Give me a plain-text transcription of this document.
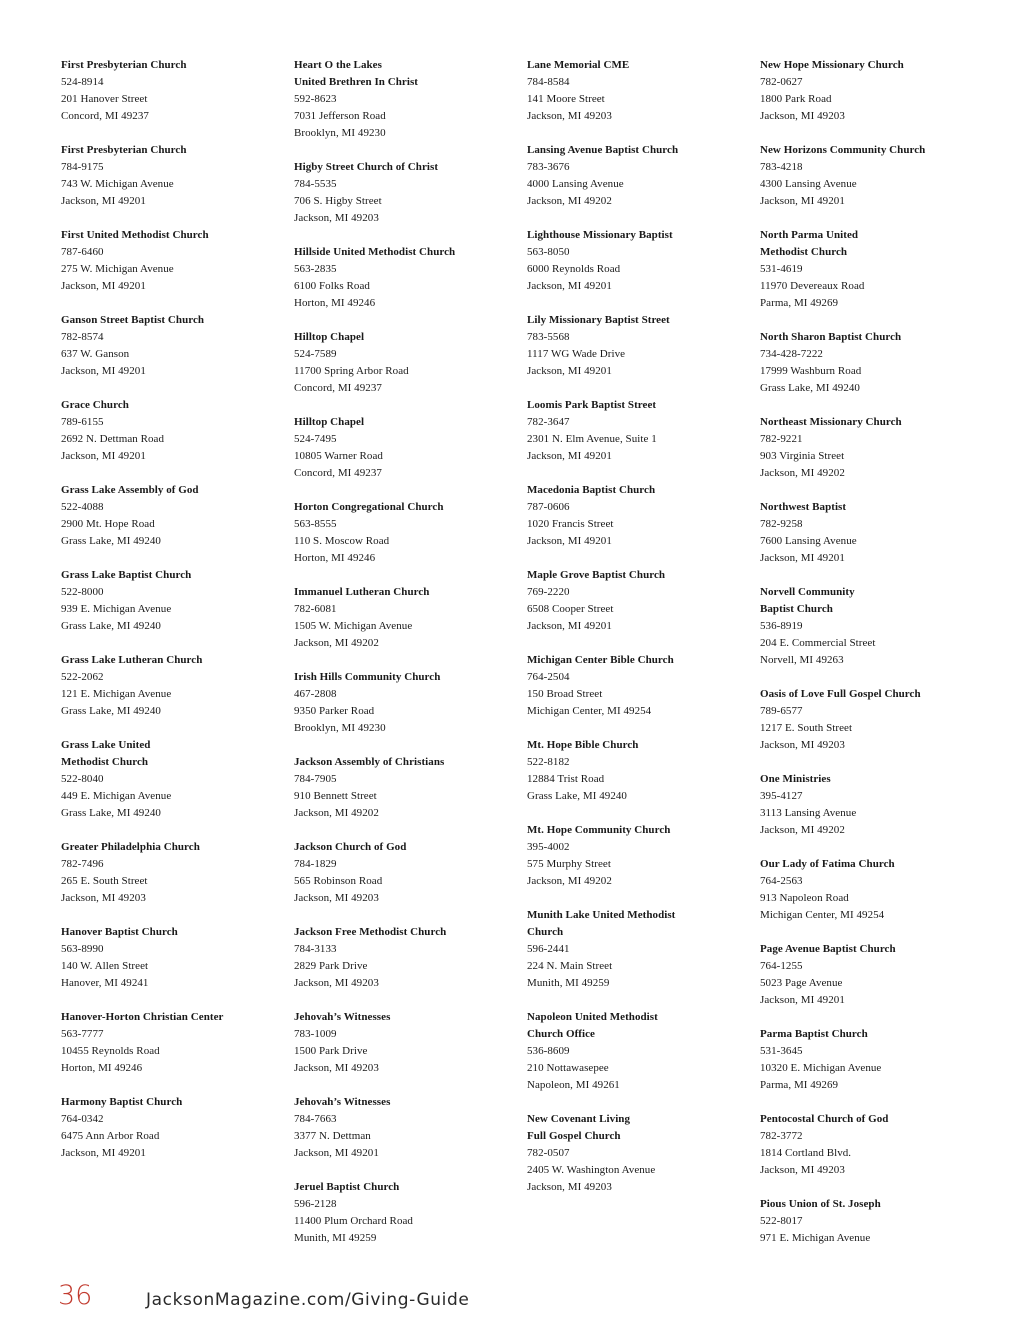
First Presbyterian Church
524-8914
201 Hanover Street
Concord, MI 49237
First Presbyterian Church
784-9175
743 W. Michigan Avenue
Jackson, MI 49201
First United Methodist Church
787-6460
275 W. Michigan Avenue
Jackson, MI 49201
Ganson Street Baptist Church
782-8574
637 W. Ganson
Jackson, MI 49201
Grace Church
789-6155
2692 N. Dettman Road
Jackson, MI 49201
Grass Lake Assembly of God
522-4088
2900 Mt. Hope Road
Grass Lake, MI 49240
Grass Lake Baptist Church
522-8000
939 E. Michigan Avenue
Grass Lake, MI 49240
Grass Lake Lutheran Church
522-2062
121 E. Michigan Avenue
Grass Lake, MI 49240
Grass Lake United
Methodist Church
522-8040
449 E. Michigan Avenue
Grass Lake, MI 49240
Greater Philadelphia Church
782-7496
265 E. South Street
Jackson, MI 49203
Hanover Baptist Church
563-8990
140 W. Allen Street
Hanover, MI 49241
Hanover-Horton Christian Center
563-7777
10455 Reynolds Road
Horton, MI 49246
Harmony Baptist Church
764-0342
6475 Ann Arbor Road
Jackson, MI 49201
Heart O the Lakes
United Brethren In Christ
592-8623
7031 Jefferson Road
Brooklyn, MI 49230
Higby Street Church of Christ
784-5535
706 S. Higby Street
Jackson, MI 49203
Hillside United Methodist Church
563-2835
6100 Folks Road
Horton, MI 49246
Hilltop Chapel
524-7589
11700 Spring Arbor Road
Concord, MI 49237
Hilltop Chapel
524-7495
10805 Warner Road
Concord, MI 49237
Horton Congregational Church
563-8555
110 S. Moscow Road
Horton, MI 49246
Immanuel Lutheran Church
782-6081
1505 W. Michigan Avenue
Jackson, MI 49202
Irish Hills Community Church
467-2808
9350 Parker Road
Brooklyn, MI 49230
Jackson Assembly of Christians
784-7905
910 Bennett Street
Jackson, MI 49202
Jackson Church of God
784-1829
565 Robinson Road
Jackson, MI 49203
Jackson Free Methodist Church
784-3133
2829 Park Drive
Jackson, MI 49203
Jehovah’s Witnesses
783-1009
1500 Park Drive
Jackson, MI 49203
Jehovah’s Witnesses
784-7663
3377 N. Dettman
Jackson, MI 49201
Jeruel Baptist Church
596-2128
11400 Plum Orchard Road
Munith, MI 49259
Lane Memorial CME
784-8584
141 Moore Street
Jackson, MI 49203
Lansing Avenue Baptist Church
783-3676
4000 Lansing Avenue
Jackson, MI 49202
Lighthouse Missionary Baptist
563-8050
6000 Reynolds Road
Jackson, MI 49201
Lily Missionary Baptist Street
783-5568
1117 WG Wade Drive
Jackson, MI 49201
Loomis Park Baptist Street
782-3647
2301 N. Elm Avenue, Suite 1
Jackson, MI 49201
Macedonia Baptist Church
787-0606
1020 Francis Street
Jackson, MI 49201
Maple Grove Baptist Church
769-2220
6508 Cooper Street
Jackson, MI 49201
Michigan Center Bible Church
764-2504
150 Broad Street
Michigan Center, MI 49254
Mt. Hope Bible Church
522-8182
12884 Trist Road
Grass Lake, MI 49240
Mt. Hope Community Church
395-4002
575 Murphy Street
Jackson, MI 49202
Munith Lake United Methodist
Church
596-2441
224 N. Main Street
Munith, MI 49259
Napoleon United Methodist
Church Office
536-8609
210 Nottawasepee
Napoleon, MI 49261
New Covenant Living
Full Gospel Church
782-0507
2405 W. Washington Avenue
Jackson, MI 49203
New Hope Missionary Church
782-0627
1800 Park Road
Jackson, MI 49203
New Horizons Community Church
783-4218
4300 Lansing Avenue
Jackson, MI 49201
North Parma United
Methodist Church
531-4619
11970 Devereaux Road
Parma, MI 49269
North Sharon Baptist Church
734-428-7222
17999 Washburn Road
Grass Lake, MI 49240
Northeast Missionary Church
782-9221
903 Virginia Street
Jackson, MI 49202
Northwest Baptist
782-9258
7600 Lansing Avenue
Jackson, MI 49201
Norvell Community
Baptist Church
536-8919
204 E. Commercial Street
Norvell, MI 49263
Oasis of Love Full Gospel Church
789-6577
1217 E. South Street
Jackson, MI 49203
One Ministries
395-4127
3113 Lansing Avenue
Jackson, MI 49202
Our Lady of Fatima Church
764-2563
913 Napoleon Road
Michigan Center, MI 49254
Page Avenue Baptist Church
764-1255
5023 Page Avenue
Jackson, MI 49201
Parma Baptist Church
531-3645
10320 E. Michigan Avenue
Parma, MI 49269
Pentocostal Church of God
782-3772
1814 Cortland Blvd.
Jackson, MI 49203
Pious Union of St. Joseph
522-8017
971 E. Michigan Avenue
36	JacksonMagazine.com/Giving-Guide
